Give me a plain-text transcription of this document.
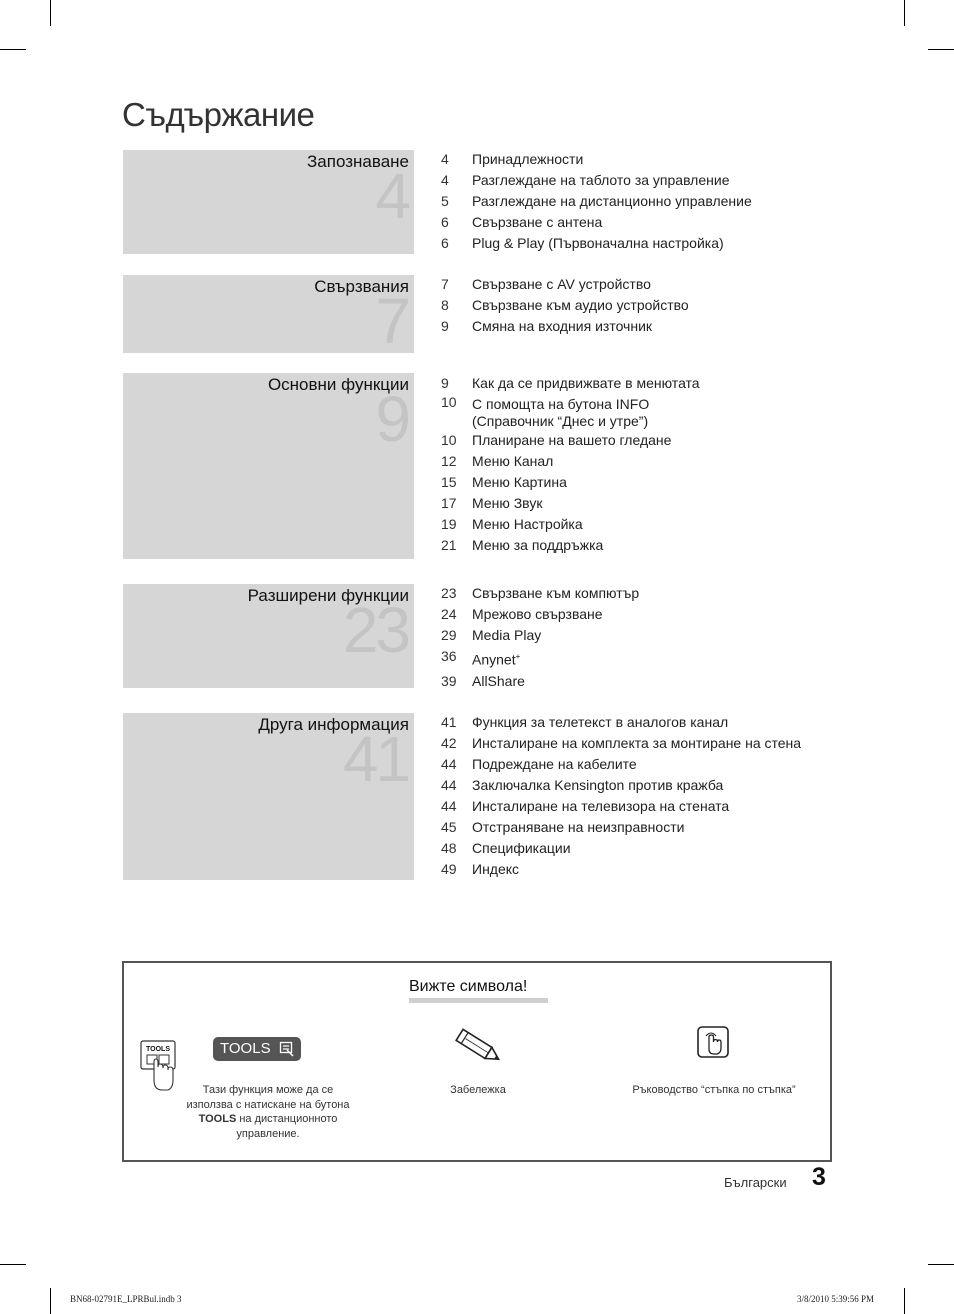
Съдържание
Запознаване
4
4	Принадлежности
4	Разглеждане на таблото за управление
5	Разглеждане на дистанционно управление
6	Свързване с антена
6	Plug & Play (Първоначална настройка)
Свързвания
7
7	Свързване с AV устройство
8	Свързване към аудио устройство
9	Смяна на входния източник
Основни функции
9 9	Как да се придвижвате в менютата
10	С помощта на бутона INFO
(Справочник “Днес и утре”)
10	Планиране на вашето гледане
12	Меню Канал
15	Меню Картина
17	Меню Звук
19	Меню Настройка
21	Меню за поддръжка
Разширени функции
23
23	Свързване към компютър
24	Мрежово свързване
29	Media Play
36	Anynet+
39	AllShare
Друга информация
41
41	Функция за телетекст в аналогов канал
42	Инсталиране на комплекта за монтиране на стена
44	Подреждане на кабелите
44	Заключалка Kensington против кражба
44	Инсталиране на телевизора на стената
45	Отстраняване на неизправности
48	Спецификации
49	Индекс
Вижте символа!
TOOLS	TOOLS
Тази функция може да се
използва с натискане на бутона
TOOLS на дистанционното
управление.
Забележка	Ръководство “стъпка по стъпка”
Български 3
BN68-02791E_LPRBul.indb 3	3/8/2010 5:39:56 PM
